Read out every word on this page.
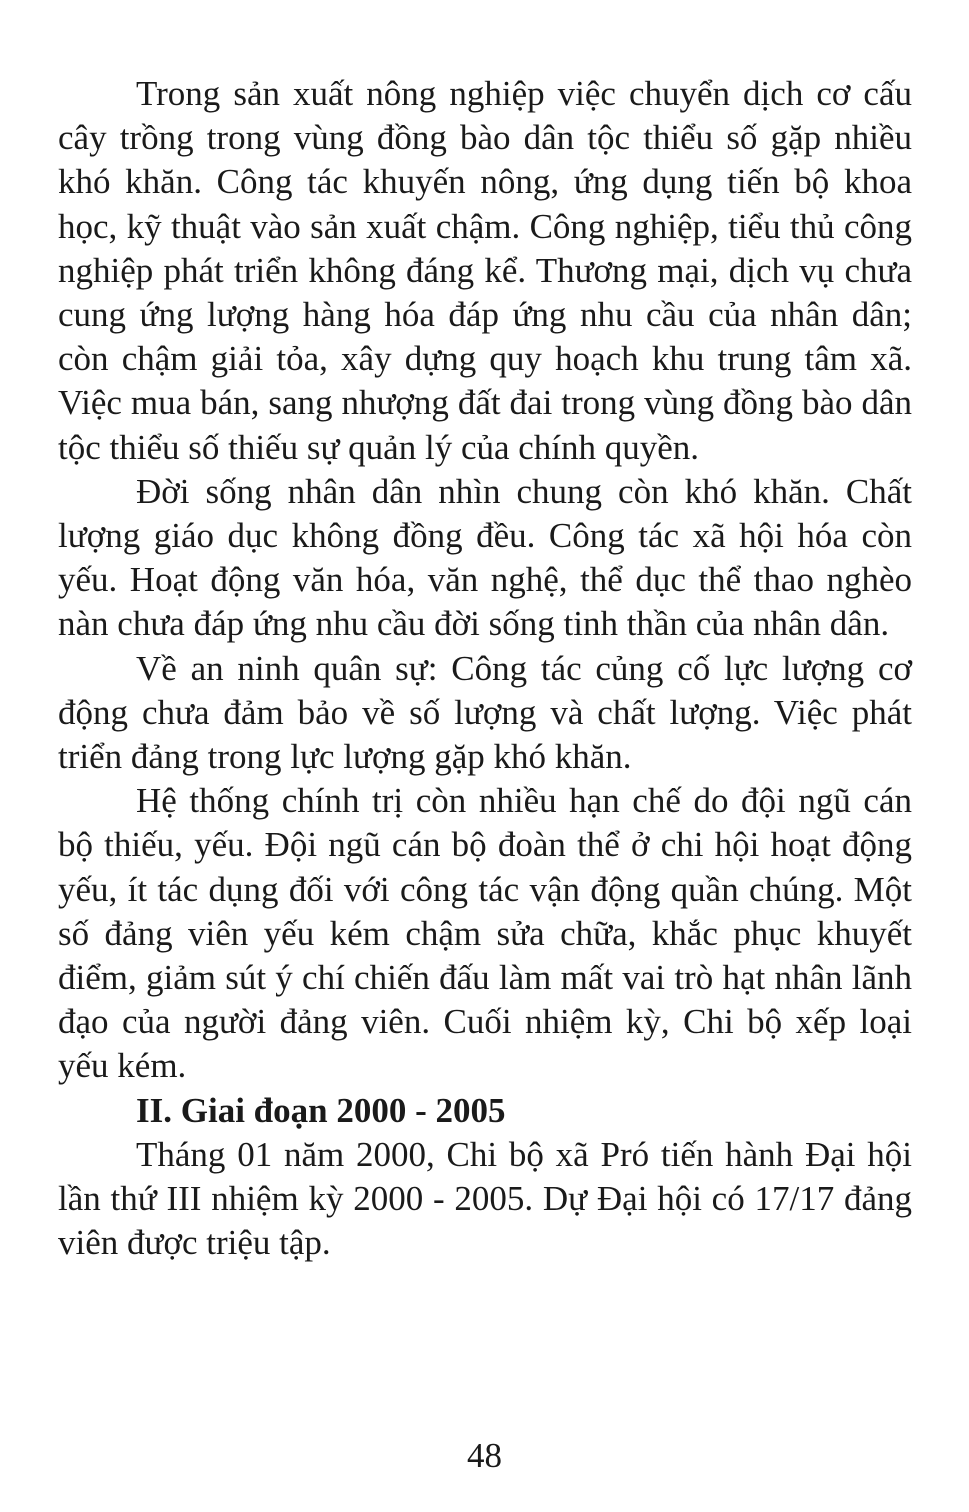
Trong sản xuất nông nghiệp việc chuyển dịch cơ cấu cây trồng trong vùng đồng bào dân tộc thiểu số gặp nhiều khó khăn. Công tác khuyến nông, ứng dụng tiến bộ khoa học, kỹ thuật vào sản xuất chậm. Công nghiệp, tiểu thủ công nghiệp phát triển không đáng kể. Thương mại, dịch vụ chưa cung ứng lượng hàng hóa đáp ứng nhu cầu của nhân dân; còn chậm giải tỏa, xây dựng quy hoạch khu trung tâm xã. Việc mua bán, sang nhượng đất đai trong vùng đồng bào dân tộc thiểu số thiếu sự quản lý của chính quyền.

Đời sống nhân dân nhìn chung còn khó khăn. Chất lượng giáo dục không đồng đều. Công tác xã hội hóa còn yếu. Hoạt động văn hóa, văn nghệ, thể dục thể thao nghèo nàn chưa đáp ứng nhu cầu đời sống tinh thần của nhân dân.

Về an ninh quân sự: Công tác củng cố lực lượng cơ động chưa đảm bảo về số lượng và chất lượng. Việc phát triển đảng trong lực lượng gặp khó khăn.

Hệ thống chính trị còn nhiều hạn chế do đội ngũ cán bộ thiếu, yếu. Đội ngũ cán bộ đoàn thể ở chi hội hoạt động yếu, ít tác dụng đối với công tác vận động quần chúng. Một số đảng viên yếu kém chậm sửa chữa, khắc phục khuyết điểm, giảm sút ý chí chiến đấu làm mất vai trò hạt nhân lãnh đạo của người đảng viên. Cuối nhiệm kỳ, Chi bộ xếp loại yếu kém.

II. Giai đoạn 2000 - 2005

Tháng 01 năm 2000, Chi bộ xã Pró tiến hành Đại hội lần thứ III nhiệm kỳ 2000 - 2005. Dự Đại hội có 17/17 đảng viên được triệu tập.

48
